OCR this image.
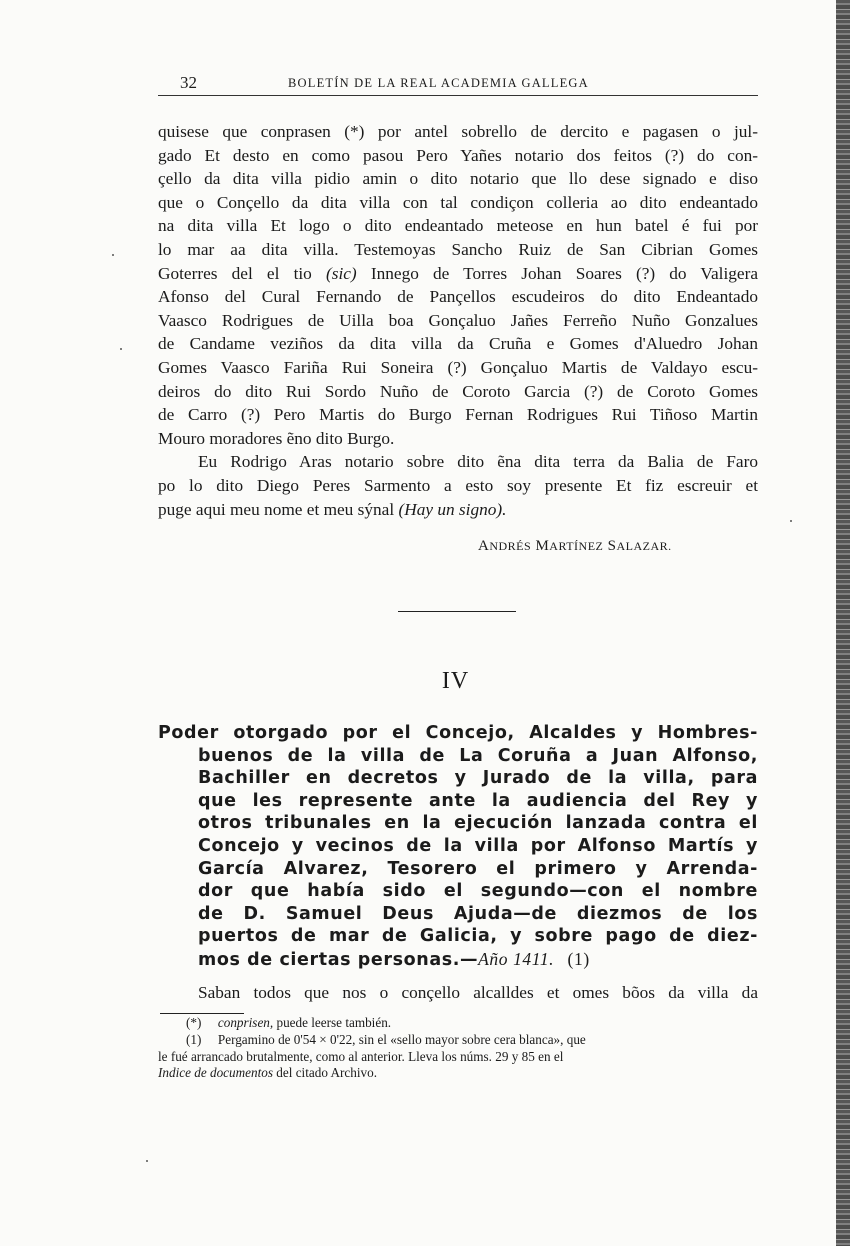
32	BOLETÍN DE LA REAL ACADEMIA GALLEGA
quisese que conprasen (*) por antel sobrello de dercito e pagasen o jul-
gado Et desto en como pasou Pero Yañes notario dos feitos (?) do con-
çello da dita villa pidio amin o dito notario que llo dese signado e diso
que o Conçello da dita villa con tal condiçon colleria ao dito endeantado
na dita villa Et logo o dito endeantado meteose en hun batel é fui por
lo mar aa dita villa. Testemoyas Sancho Ruiz de San Cibrian Gomes
Goterres del el tio (sic) Innego de Torres Johan Soares (?) do Valigera
Afonso del Cural Fernando de Pançellos escudeiros do dito Endeantado
Vaasco Rodrigues de Uilla boa Gonçaluo Jañes Ferreño Nuño Gonzalues
de Candame veziños da dita villa da Cruña e Gomes d'Aluedro Johan
Gomes Vaasco Fariña Rui Soneira (?) Gonçaluo Martis de Valdayo escu-
deiros do dito Rui Sordo Nuño de Coroto Garcia (?) de Coroto Gomes
de Carro (?) Pero Martis do Burgo Fernan Rodrigues Rui Tiñoso Martin
Mouro moradores ẽno dito Burgo.
Eu Rodrigo Aras notario sobre dito ẽna dita terra da Balia de Faro
po lo dito Diego Peres Sarmento a esto soy presente Et fiz escreuir et
puge aqui meu nome et meu sýnal (Hay un signo).
ANDRÉS MARTÍNEZ SALAZAR.
IV
Poder otorgado por el Concejo, Alcaldes y Hombres-
buenos de la villa de La Coruña a Juan Alfonso,
Bachiller en decretos y Jurado de la villa, para
que les represente ante la audiencia del Rey y
otros tribunales en la ejecución lanzada contra el
Concejo y vecinos de la villa por Alfonso Martís y
García Alvarez, Tesorero el primero y Arrenda-
dor que había sido el segundo—con el nombre
de D. Samuel Deus Ajuda—de diezmos de los
puertos de mar de Galicia, y sobre pago de diez-
mos de ciertas personas.—Año 1411. (1)
Saban todos que nos o conçello alcalldes et omes bõos da villa da
(*) conprisen, puede leerse también.
(1) Pergamino de 0'54 × 0'22, sin el «sello mayor sobre cera blanca», que
le fué arrancado brutalmente, como al anterior. Lleva los núms. 29 y 85 en el
Indice de documentos del citado Archivo.
